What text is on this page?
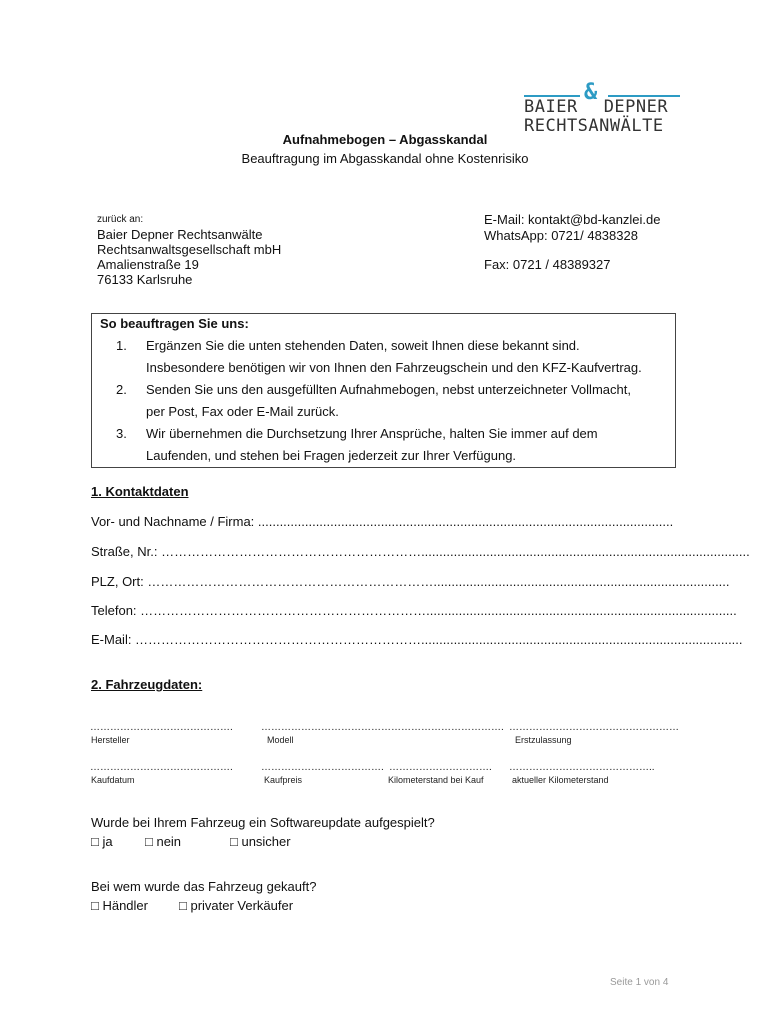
&
BAIER DEPNER
RECHTSANWÄLTE
Aufnahmebogen – Abgasskandal
Beauftragung im Abgasskandal ohne Kostenrisiko
zurück an:
Baier Depner Rechtsanwälte
Rechtsanwaltsgesellschaft mbH
Amalienstraße 19
76133 Karlsruhe
E-Mail: kontakt@bd-kanzlei.de
WhatsApp: 0721/ 4838328
Fax: 0721 / 48389327
So beauftragen Sie uns:
1. Ergänzen Sie die unten stehenden Daten, soweit Ihnen diese bekannt sind.
Insbesondere benötigen wir von Ihnen den Fahrzeugschein und den KFZ-Kaufvertrag.
2. Senden Sie uns den ausgefüllten Aufnahmebogen, nebst unterzeichneter Vollmacht,
per Post, Fax oder E-Mail zurück.
3. Wir übernehmen die Durchsetzung Ihrer Ansprüche, halten Sie immer auf dem
Laufenden, und stehen bei Fragen jederzeit zur Ihrer Verfügung.
1. Kontaktdaten
Vor- und Nachname / Firma: ...................................................................................................................
Straße, Nr.: ……………………………………………………...........................................................................................
PLZ, Ort: …………………………………………………………..................................................................................
Telefon: …………………………………………………………......................................................................................
E-Mail: ………………………………………………………….........................................................................................
2. Fahrzeugdaten:
…………………………………….	………………………………………………………………. ……………………………………………
Hersteller	Modell	Erstzulassung
…………………………………….	………………………………. ………………………….	……………………………………..
Kaufdatum	Kaufpreis	Kilometerstand bei Kauf	aktueller Kilometerstand
Wurde bei Ihrem Fahrzeug ein Softwareupdate aufgespielt?
□ ja □ nein	□ unsicher
Bei wem wurde das Fahrzeug gekauft?
□ Händler □ privater Verkäufer
Seite 1 von 4
